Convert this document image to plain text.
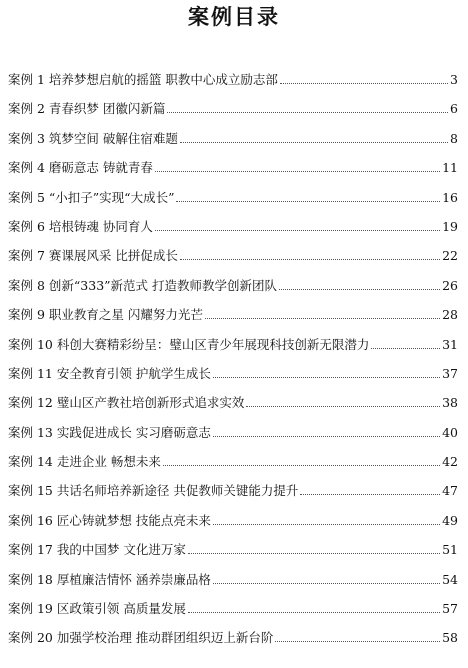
案例目录
案例 1 培养梦想启航的摇篮 职教中心成立励志部	3
案例 2 青春织梦 团徽闪新篇	6
案例 3 筑梦空间 破解住宿难题	8
案例 4 磨砺意志 铸就青春	11
案例 5 “小扣子”实现“大成长”	16
案例 6 培根铸魂 协同育人	19
案例 7 赛课展风采 比拼促成长	22
案例 8 创新“333”新范式 打造教师教学创新团队	26
案例 9 职业教育之星 闪耀努力光芒	28
案例 10 科创大赛精彩纷呈：璧山区青少年展现科技创新无限潜力	31
案例 11 安全教育引领 护航学生成长	37
案例 12 璧山区产教社培创新形式追求实效	38
案例 13 实践促进成长 实习磨砺意志	40
案例 14 走进企业 畅想未来	42
案例 15 共话名师培养新途径 共促教师关键能力提升	47
案例 16 匠心铸就梦想 技能点亮未来	49
案例 17 我的中国梦 文化进万家	51
案例 18 厚植廉洁情怀 涵养崇廉品格	54
案例 19 区政策引领 高质量发展	57
案例 20 加强学校治理 推动群团组织迈上新台阶	58
